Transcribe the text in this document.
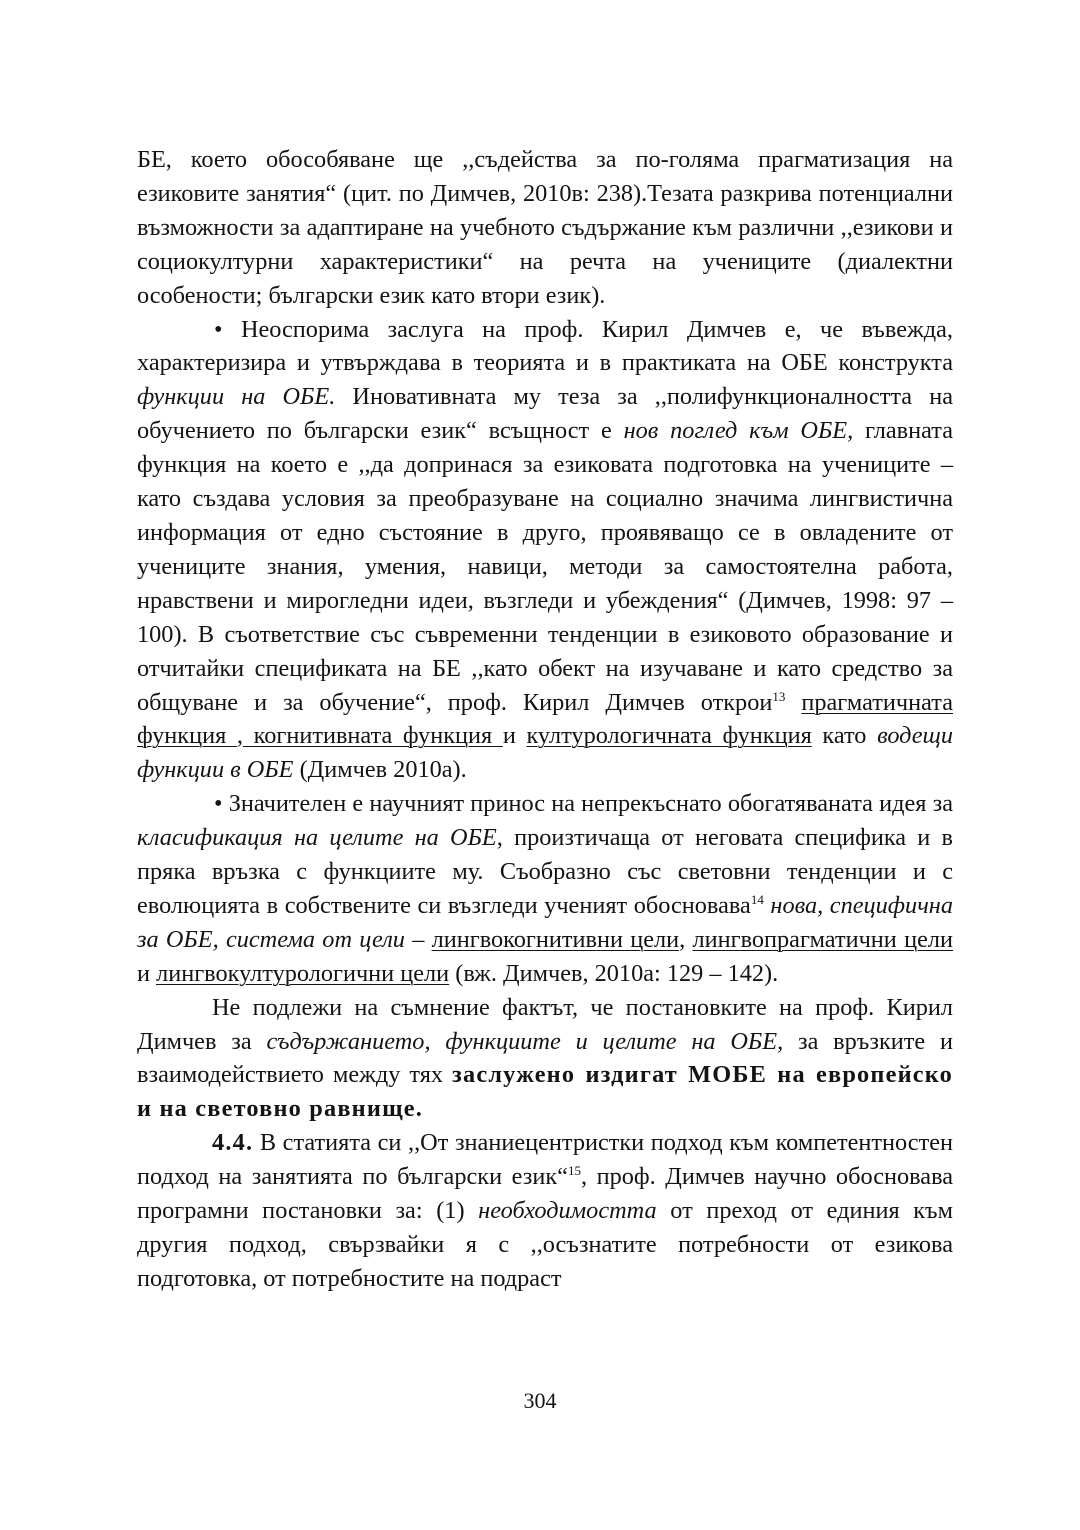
БЕ, което обособяване ще ,,съдейства за по-голяма прагматизация на езиковите занятия“ (цит. по Димчев, 2010в: 238).Тезата разкрива потенциални възможности за адаптиране на учебното съдържание към различни ,,езикови и социокултурни характеристики“ на речта на учениците (диалектни особености; български език като втори език).

• Неоспорима заслуга на проф. Кирил Димчев е, че въвежда, характеризира и утвърждава в теорията и в практиката на ОБЕ конструкта функции на ОБЕ. Иновативната му теза за ,,полифункционалността на обучението по български език“ всъщност е нов поглед към ОБЕ, главната функция на което е ,,да допринася за езиковата подготовка на учениците – като създава условия за преобразуване на социално значима лингвистична информация от едно състояние в друго, проявяващо се в овладените от учениците знания, умения, навици, методи за самостоятелна работа, нравствени и мирогледни идеи, възгледи и убеждения“ (Димчев, 1998: 97 – 100). В съответствие със съвременни тенденции в езиковото образование и отчитайки спецификата на БЕ ,,като обект на изучаване и като средство за общуване и за обучение“, проф. Кирил Димчев открои$^{13}$ прагматичната функция , когнитивната функция и културологичната функция като водещи функции в ОБЕ (Димчев 2010а).

• Значителен е научният принос на непрекъснато обогатяваната идея за класификация на целите на ОБЕ, произтичаща от неговата специфика и в пряка връзка с функциите му. Съобразно със световни тенденции и с еволюцията в собствените си възгледи ученият обосновава$^{14}$ нова, специфична за ОБЕ, система от цели – лингвокогнитивни цели, лингвопрагматични цели и лингвокултурологични цели (вж. Димчев, 2010а: 129 – 142).

Не подлежи на съмнение фактът, че постановките на проф. Кирил Димчев за съдържанието, функциите и целите на ОБЕ, за връзките и взаимодействието между тях заслужено издигат МОБЕ на европейско и на световно равнище.

4.4. В статията си ,,От знаниецентристки подход към компетентностен подход на занятията по български език“$^{15}$, проф. Димчев научно обосновава програмни постановки за: (1) необходимостта от преход от единия към другия подход, свързвайки я с ,,осъзнатите потребности от езикова подготовка, от потребностите на подраст

304
